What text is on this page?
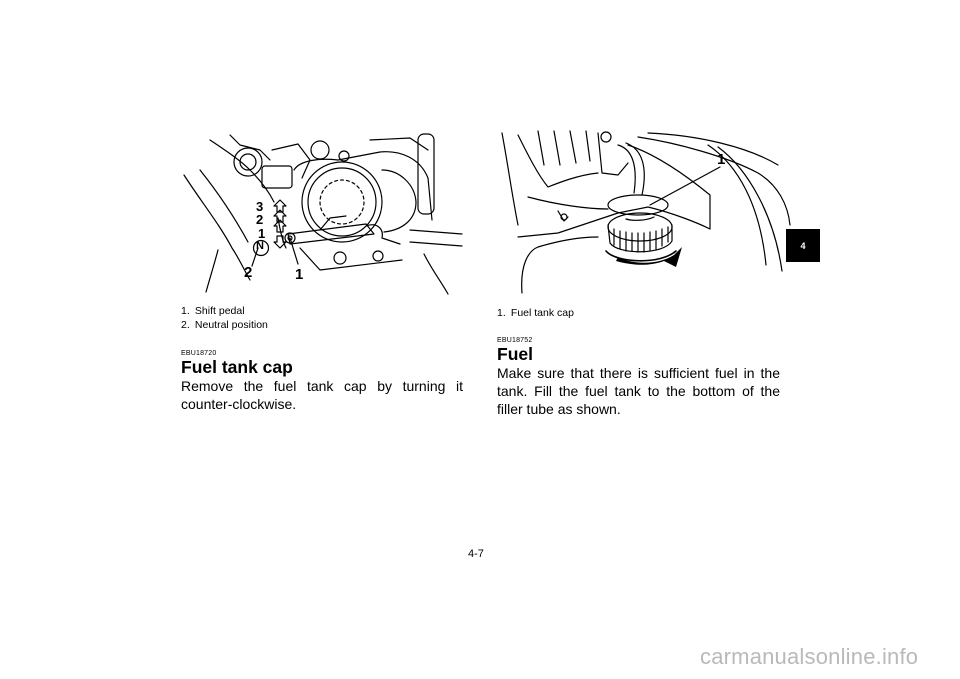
N
3
2
1
1
2
1. Shift pedal
2. Neutral position
EBU18720
Fuel tank cap
Remove the fuel tank cap by turning it counter-clockwise.
1
1. Fuel tank cap
EBU18752
Fuel
Make sure that there is sufficient fuel in the tank. Fill the fuel tank to the bottom of the filler tube as shown.
4
4-7
carmanualsonline.info
